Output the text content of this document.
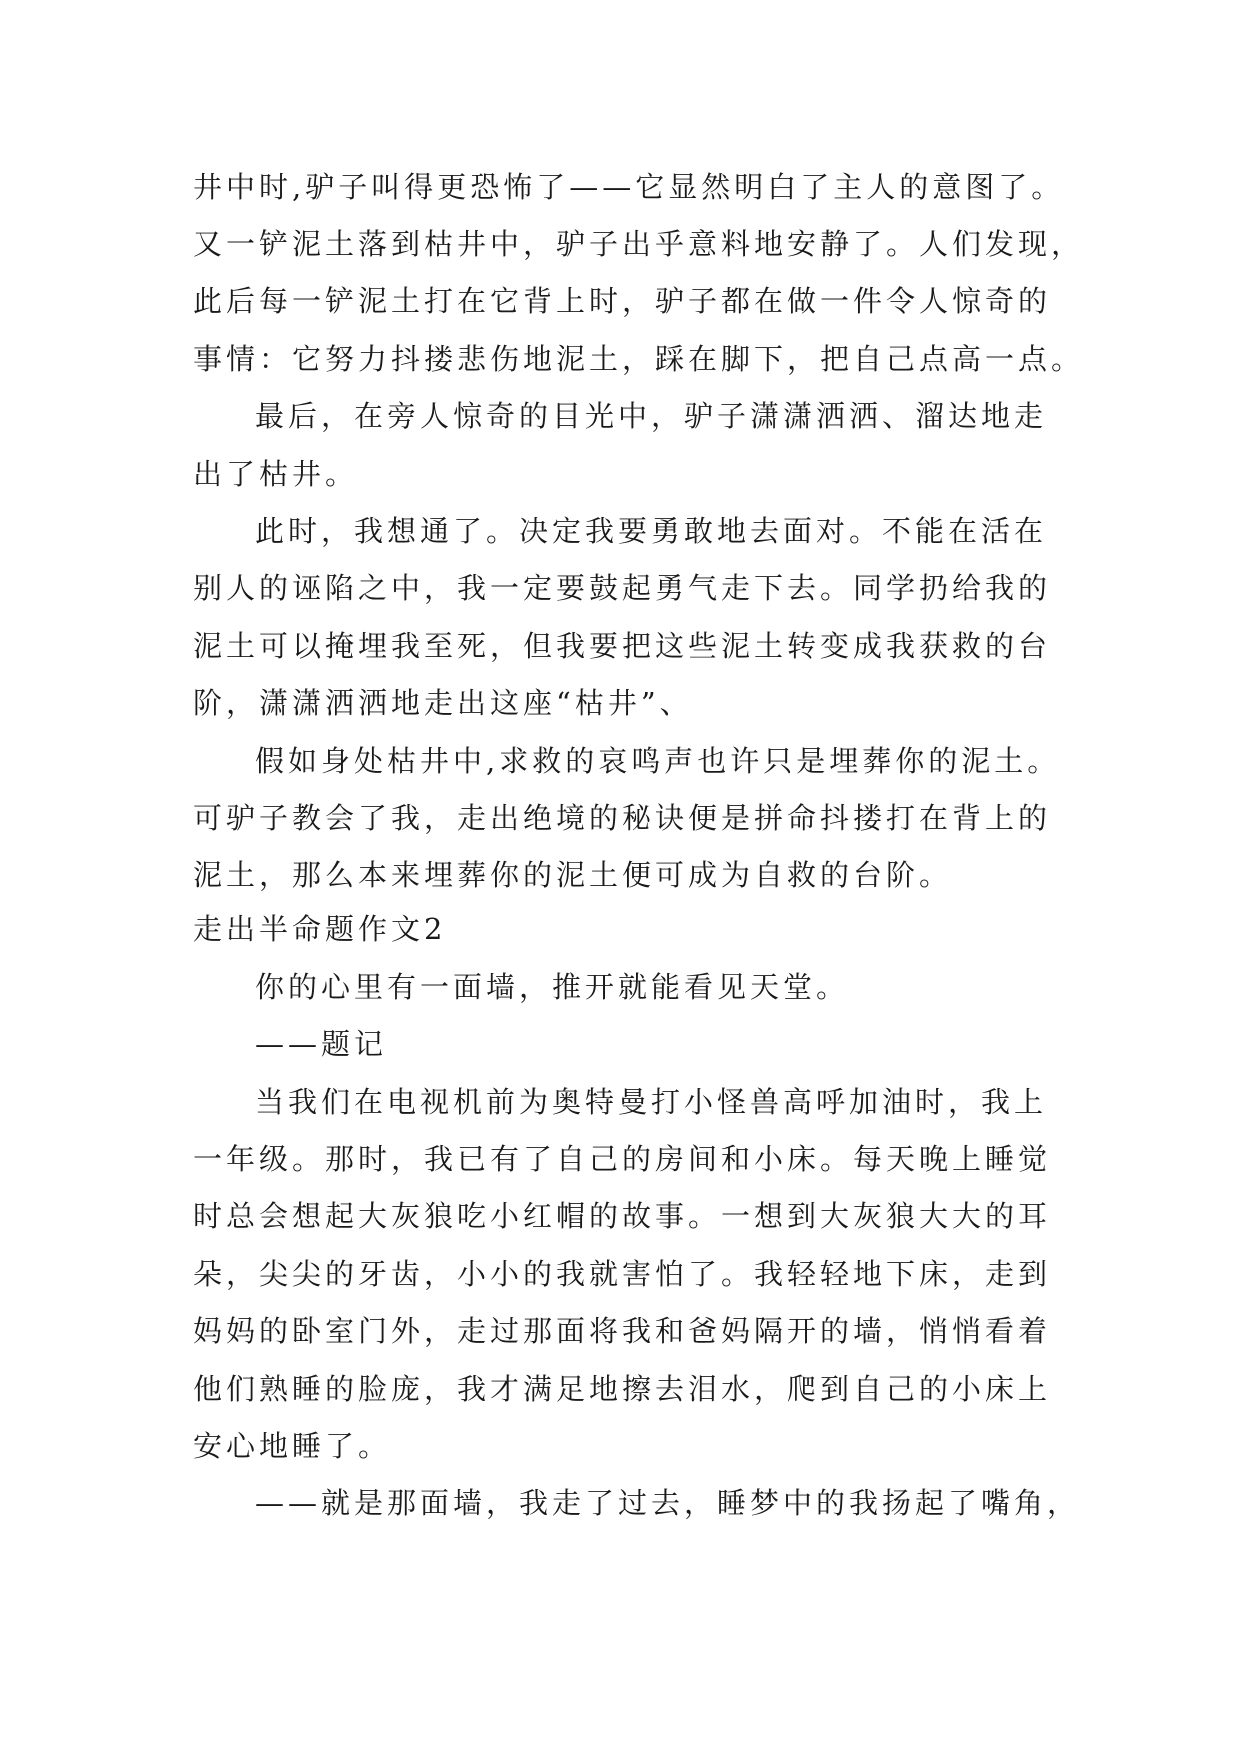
井中时,驴子叫得更恐怖了——它显然明白了主人的意图了。
又一铲泥土落到枯井中，驴子出乎意料地安静了。人们发现，
此后每一铲泥土打在它背上时，驴子都在做一件令人惊奇的
事情：它努力抖搂悲伤地泥土，踩在脚下，把自己点高一点。
最后，在旁人惊奇的目光中，驴子潇潇洒洒、溜达地走
出了枯井。
此时，我想通了。决定我要勇敢地去面对。不能在活在
别人的诬陷之中，我一定要鼓起勇气走下去。同学扔给我的
泥土可以掩埋我至死，但我要把这些泥土转变成我获救的台
阶，潇潇洒洒地走出这座“枯井”、
假如身处枯井中,求救的哀鸣声也许只是埋葬你的泥土。
可驴子教会了我，走出绝境的秘诀便是拼命抖搂打在背上的
泥土，那么本来埋葬你的泥土便可成为自救的台阶。
走出半命题作文2
你的心里有一面墙，推开就能看见天堂。
——题记
当我们在电视机前为奥特曼打小怪兽高呼加油时，我上
一年级。那时，我已有了自己的房间和小床。每天晚上睡觉
时总会想起大灰狼吃小红帽的故事。一想到大灰狼大大的耳
朵，尖尖的牙齿，小小的我就害怕了。我轻轻地下床，走到
妈妈的卧室门外，走过那面将我和爸妈隔开的墙，悄悄看着
他们熟睡的脸庞，我才满足地擦去泪水，爬到自己的小床上
安心地睡了。
——就是那面墙，我走了过去，睡梦中的我扬起了嘴角，
